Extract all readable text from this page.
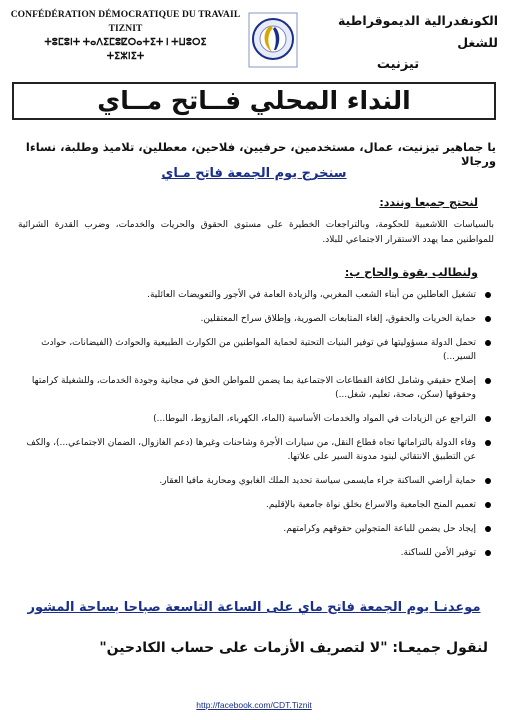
CONFÉDÉRATION DÉMOCRATIQUE DU TRAVAIL
TIZNIT
ⵜⵓⵎⵓⵏⵜ ⵜⴰⴷⵉⵎⵓⵇⵔⴰⵜⵉⵜ ⵏ ⵜⵡⵓⵔⵉ
ⵜⵉⵣⵏⵉⵜ
الكونفدرالية الديموقراطية للشغل
تيزنيت
النداء المحلي فــاتح مــاي
يا جماهير تيزنيت، عمال، مستخدمين، حرفيين، فلاحين، معطلين، تلاميذ وطلبة، نساءا ورجالا
سنخرج يوم الجمعة فاتح مـاي
لنحتج جميعا ونندد:
بالسياسات اللاشعبية للحكومة، وبالتراجعات الخطيرة على مستوى الحقوق والحريات والخدمات، وضرب القدرة الشرائية للمواطنين مما يهدد الاستقرار الاجتماعي للبلاد.
ولنطالب بقوة والحاح ب:
تشغيل العاطلين من أبناء الشعب المغربي، والزيادة العامة في الأجور والتعويضات العائلية.
حماية الحريات والحقوق، إلغاء المتابعات الصورية، وإطلاق سراح المعتقلين.
تحمل الدولة مسؤوليتها في توفير البنيات التحتية لحماية المواطنين من الكوارث الطبيعية والحوادث (الفيضانات، حوادث السير...)
إصلاح حقيقي وشامل لكافة القطاعات الاجتماعية بما يضمن للمواطن الحق في مجانية وجودة الخدمات، وللشغيلة كرامتها وحقوقها (سكن، صحة، تعليم، شغل...)
التراجع عن الزيادات في المواد والخدمات الأساسية (الماء، الكهرباء، المازوط، البوطا...)
وفاء الدولة بالتزاماتها تجاه قطاع النقل، من سيارات الأجرة وشاحنات وغيرها (دعم الغازوال، الضمان الاجتماعي...)، والكف عن التطبيق الانتقائي لبنود مدونة السير على علاتها.
حماية أراضي الساكنة جراء مايسمى سياسة تحديد الملك الغابوي ومحاربة مافيا العقار.
تعميم المنح الجامعية والاسراع بخلق نواة جامعية بالإقليم.
إيجاد حل يضمن للباعة المتجولين حقوقهم وكرامتهم.
توفير الأمن للساكنة.
موعدنـا يوم الجمعة فاتح ماي على الساعة التاسعة صباحا بساحة المشور
لنقول جميعـا: "لا لتصريف الأزمات على حساب الكادحين"
http://facebook.com/CDT.Tiznit
